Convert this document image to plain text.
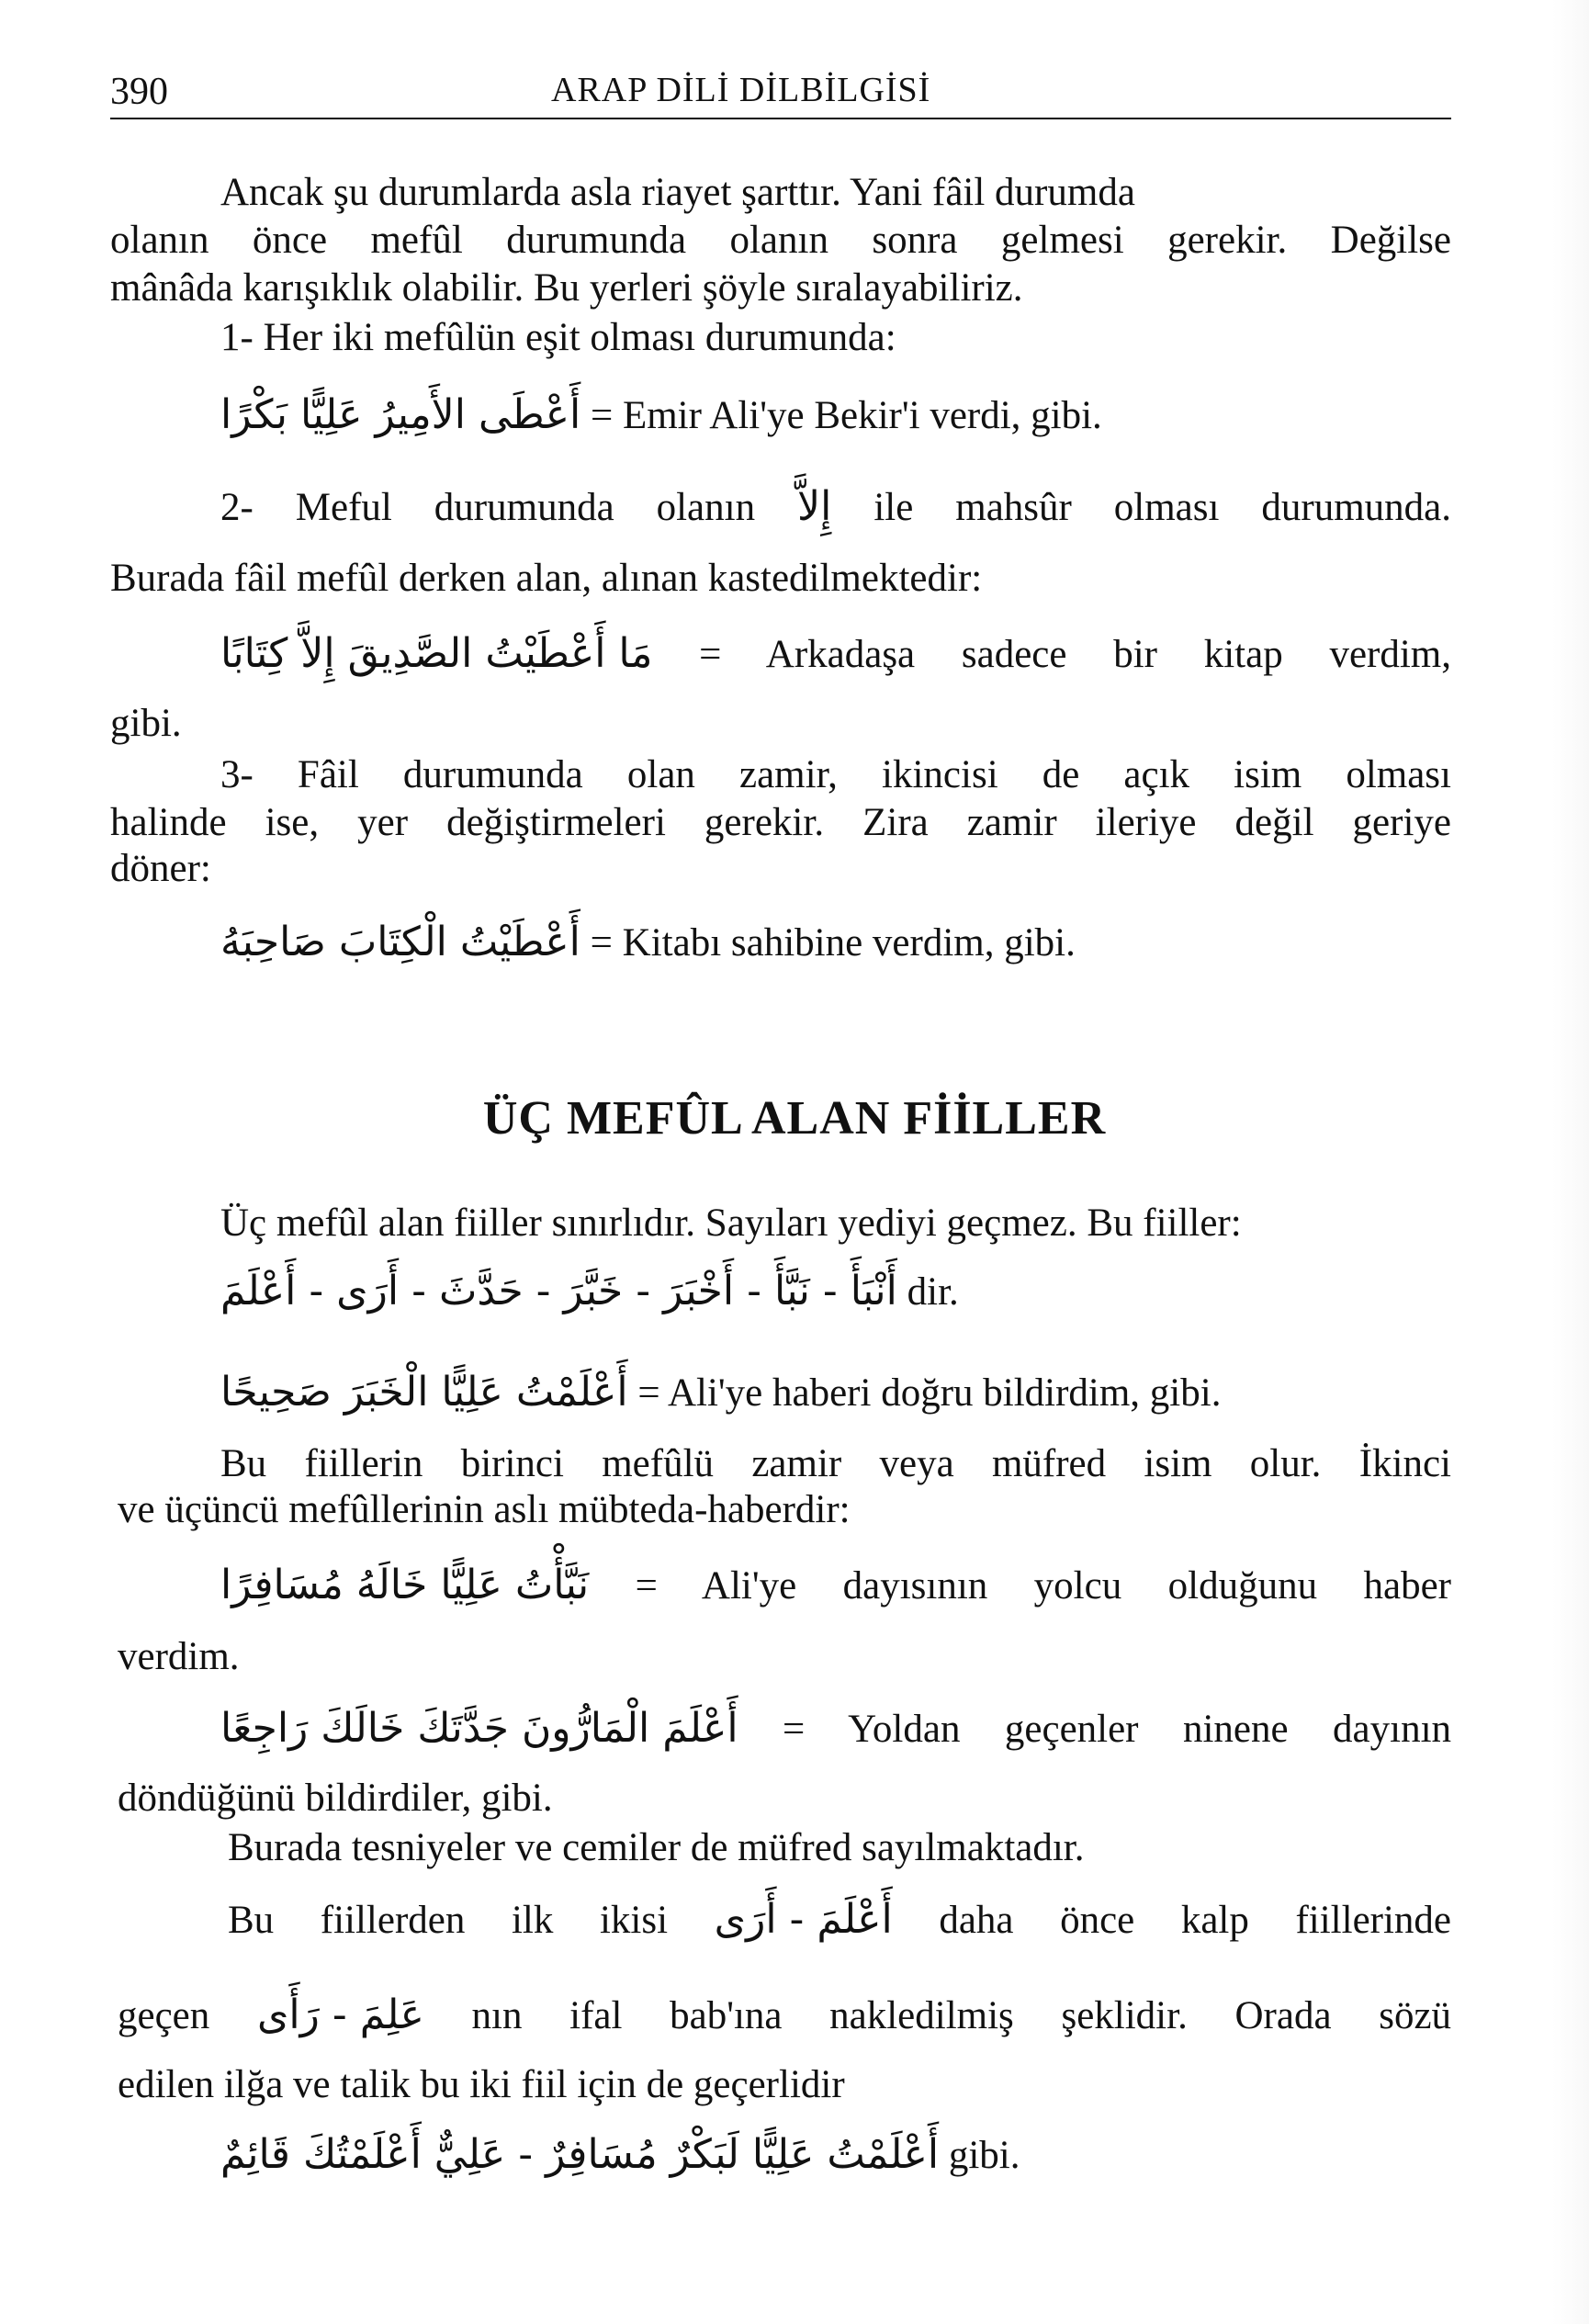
390	ARAP DİLİ DİLBİLGİSİ
Ancak şu durumlarda asla riayet şarttır. Yani fâil durumda
olanın önce mefûl durumunda olanın sonra gelmesi gerekir. Değilse
mânâda karışıklık olabilir. Bu yerleri şöyle sıralayabiliriz.
1- Her iki mefûlün eşit olması durumunda:
أَعْطَى الأَمِيرُ عَلِيًّا بَكْرًا = Emir Ali'ye Bekir'i verdi, gibi.
2- Meful durumunda olanın إِلاَّ ile mahsûr olması durumunda.
Burada fâil mefûl derken alan, alınan kastedilmektedir:
مَا أَعْطَيْتُ الصَّدِيقَ إِلاَّ كِتَابًا = Arkadaşa sadece bir kitap verdim,
gibi.
3- Fâil durumunda olan zamir, ikincisi de açık isim olması
halinde ise, yer değiştirmeleri gerekir. Zira zamir ileriye değil geriye
döner:
أَعْطَيْتُ الْكِتَابَ صَاحِبَهُ = Kitabı sahibine verdim, gibi.
ÜÇ MEFÛL ALAN FİİLLER
Üç mefûl alan fiiller sınırlıdır. Sayıları yediyi geçmez. Bu fiiller:
أَنْبَأَ - نَبَّأَ - أَخْبَرَ - خَبَّرَ - حَدَّثَ - أَرَى - أَعْلَمَ dir.
أَعْلَمْتُ عَلِيًّا الْخَبَرَ صَحِيحًا = Ali'ye haberi doğru bildirdim, gibi.
Bu fiillerin birinci mefûlü zamir veya müfred isim olur. İkinci
ve üçüncü mefûllerinin aslı mübteda-haberdir:
نَبَّأْتُ عَلِيًّا خَالَهُ مُسَافِرًا = Ali'ye dayısının yolcu olduğunu haber
verdim.
أَعْلَمَ الْمَارُّونَ جَدَّتَكَ خَالَكَ رَاجِعًا = Yoldan geçenler ninene dayının
döndüğünü bildirdiler, gibi.
Burada tesniyeler ve cemiler de müfred sayılmaktadır.
Bu fiillerden ilk ikisi أَعْلَمَ - أَرَى daha önce kalp fiillerinde
geçen عَلِمَ - رَأَى nın ifal bab'ına nakledilmiş şeklidir. Orada sözü
edilen ilğa ve talik bu iki fiil için de geçerlidir
أَعْلَمْتُ عَلِيًّا لَبَكْرٌ مُسَافِرٌ - عَلِيٌّ أَعْلَمْتُكَ قَائِمٌ gibi.
